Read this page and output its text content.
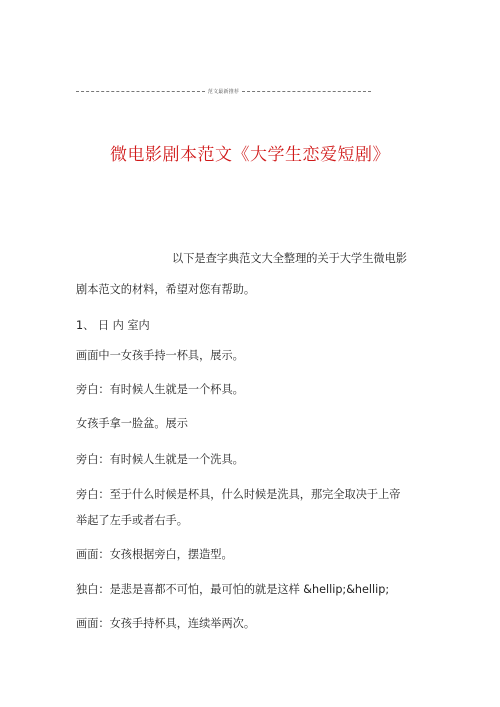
范文最新推荐
微电影剧本范文《大学生恋爱短剧》
以下是查字典范文大全整理的关于大学生微电影
剧本范文的材料，希望对您有帮助。
1、 日 内 室内
画面中一女孩手持一杯具，展示。
旁白：有时候人生就是一个杯具。
女孩手拿一脸盆。展示
旁白：有时候人生就是一个洗具。
旁白：至于什么时候是杯具，什么时候是洗具，那完全取决于上帝
举起了左手或者右手。
画面：女孩根据旁白，摆造型。
独白：是悲是喜都不可怕，最可怕的就是这样 &hellip;&hellip;
画面：女孩手持杯具，连续举两次。
